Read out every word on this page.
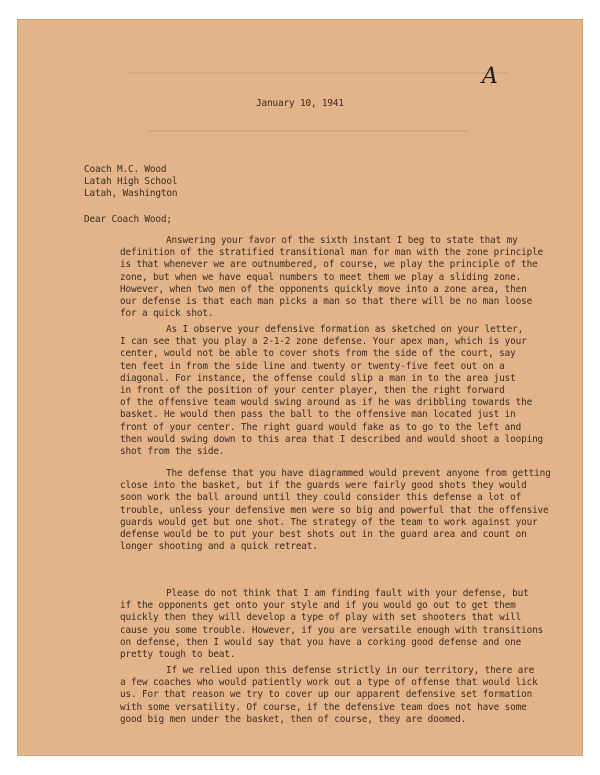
A
January 10, 1941
Coach M.C. Wood
Latah High School
Latah, Washington
Dear Coach Wood;
Answering your favor of the sixth instant I beg to state that my
definition of the stratified transitional man for man with the zone principle
is that whenever we are outnumbered, of course, we play the principle of the
zone, but when we have equal numbers to meet them we play a sliding zone.
However, when two men of the opponents quickly move into a zone area, then
our defense is that each man picks a man so that there will be no man loose
for a quick shot.
As I observe your defensive formation as sketched on your letter,
I can see that you play a 2-1-2 zone defense. Your apex man, which is your
center, would not be able to cover shots from the side of the court, say
ten feet in from the side line and twenty or twenty-five feet out on a
diagonal. For instance, the offense could slip a man in to the area just
in front of the position of your center player, then the right forward
of the offensive team would swing around as if he was dribbling towards the
basket. He would then pass the ball to the offensive man located just in
front of your center. The right guard would fake as to go to the left and
then would swing down to this area that I described and would shoot a looping
shot from the side.
The defense that you have diagrammed would prevent anyone from getting
close into the basket, but if the guards were fairly good shots they would
soon work the ball around until they could consider this defense a lot of
trouble, unless your defensive men were so big and powerful that the offensive
guards would get but one shot. The strategy of the team to work against your
defense would be to put your best shots out in the guard area and count on
longer shooting and a quick retreat.
Please do not think that I am finding fault with your defense, but
if the opponents get onto your style and if you would go out to get them
quickly then they will develop a type of play with set shooters that will
cause you some trouble. However, if you are versatile enough with transitions
on defense, then I would say that you have a corking good defense and one
pretty tough to beat.
If we relied upon this defense strictly in our territory, there are
a few coaches who would patiently work out a type of offense that would lick
us. For that reason we try to cover up our apparent defensive set formation
with some versatility. Of course, if the defensive team does not have some
good big men under the basket, then of course, they are doomed.
